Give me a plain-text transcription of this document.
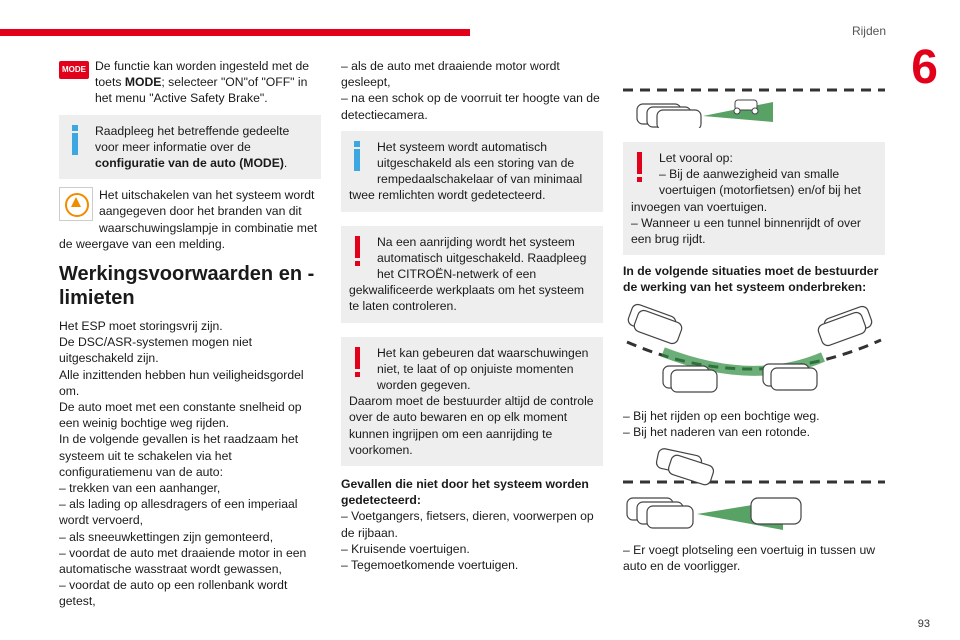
Rijden
6
93

MODE De functie kan worden ingesteld met de toets MODE; selecteer "ON"of "OFF" in het menu "Active Safety Brake".

Raadpleeg het betreffende gedeelte voor meer informatie over de configuratie van de auto (MODE).

Het uitschakelen van het systeem wordt aangegeven door het branden van dit waarschuwingslampje in combinatie met de weergave van een melding.

Werkingsvoorwaarden en -limieten

Het ESP moet storingsvrij zijn.

De DSC/ASR-systemen mogen niet uitgeschakeld zijn.

Alle inzittenden hebben hun veiligheidsgordel om.

De auto moet met een constante snelheid op een weinig bochtige weg rijden.

In de volgende gevallen is het raadzaam het systeem uit te schakelen via het configuratiemenu van de auto:

– trekken van een aanhanger,

– als lading op allesdragers of een imperiaal wordt vervoerd,

– als sneeuwkettingen zijn gemonteerd,

– voordat de auto met draaiende motor in een automatische wasstraat wordt gewassen,

– voordat de auto op een rollenbank wordt getest,

– als de auto met draaiende motor wordt gesleept,

– na een schok op de voorruit ter hoogte van de detectiecamera.

Het systeem wordt automatisch uitgeschakeld als een storing van de rempedaalschakelaar of van minimaal twee remlichten wordt gedetecteerd.
Na een aanrijding wordt het systeem automatisch uitgeschakeld. Raadpleeg het CITROËN-netwerk of een gekwalificeerde werkplaats om het systeem te laten controleren.
Het kan gebeuren dat waarschuwingen niet, te laat of op onjuiste momenten worden gegeven.
Daarom moet de bestuurder altijd de controle over de auto bewaren en op elk moment kunnen ingrijpen om een aanrijding te voorkomen.

Gevallen die niet door het systeem worden gedetecteerd:

– Voetgangers, fietsers, dieren, voorwerpen op de rijbaan.

– Kruisende voertuigen.

– Tegemoetkomende voertuigen.

Let vooral op:
– Bij de aanwezigheid van smalle voertuigen (motorfietsen) en/of bij het invoegen van voertuigen.
– Wanneer u een tunnel binnenrijdt of over een brug rijdt.

In de volgende situaties moet de bestuurder de werking van het systeem onderbreken:

– Bij het rijden op een bochtige weg.

– Bij het naderen van een rotonde.

– Er voegt plotseling een voertuig in tussen uw auto en de voorligger.
